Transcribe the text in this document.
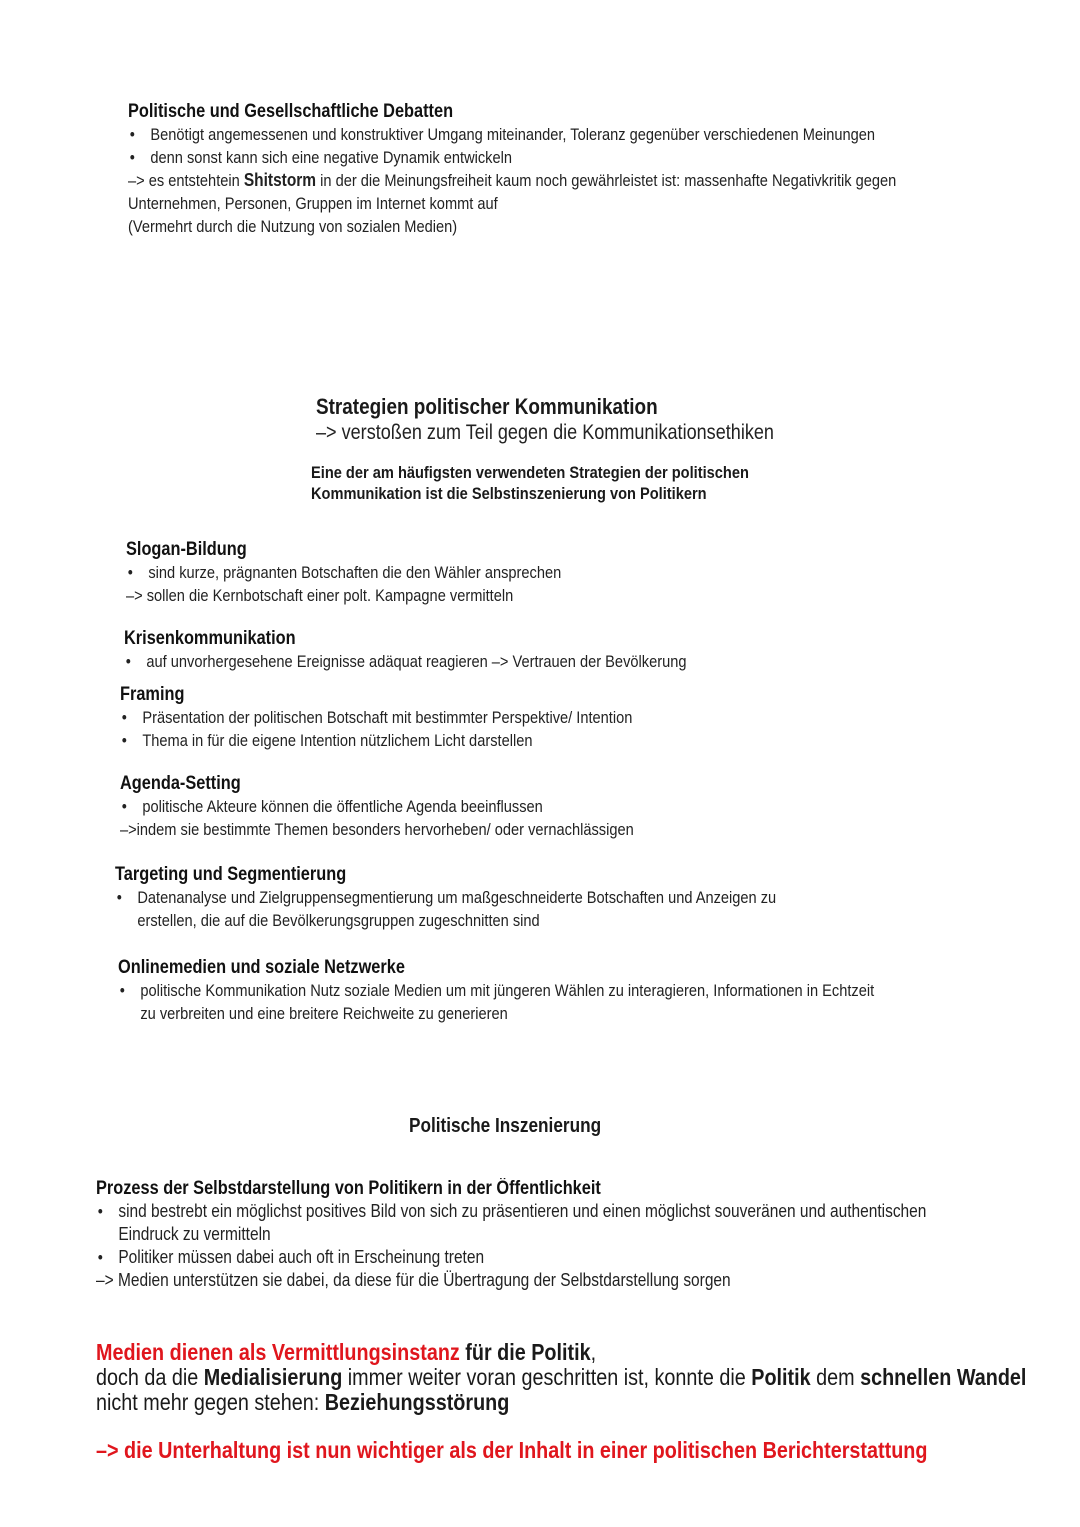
Politische und Gesellschaftliche Debatten
• Benötigt angemessenen und konstruktiver Umgang miteinander, Toleranz gegenüber verschiedenen Meinungen
• denn sonst kann sich eine negative Dynamik entwickeln
–> es entstehtein Shitstorm in der die Meinungsfreiheit kaum noch gewährleistet ist: massenhafte Negativkritik gegen
Unternehmen, Personen, Gruppen im Internet kommt auf
(Vermehrt durch die Nutzung von sozialen Medien)
Strategien politischer Kommunikation
–> verstoßen zum Teil gegen die Kommunikationsethiken
Eine der am häufigsten verwendeten Strategien der politischen
Kommunikation ist die Selbstinszenierung von Politikern
Slogan-Bildung
• sind kurze, prägnanten Botschaften die den Wähler ansprechen
–> sollen die Kernbotschaft einer polt. Kampagne vermitteln
Krisenkommunikation
• auf unvorhergesehene Ereignisse adäquat reagieren –> Vertrauen der Bevölkerung
Framing
• Präsentation der politischen Botschaft mit bestimmter Perspektive/ Intention
• Thema in für die eigene Intention nützlichem Licht darstellen
Agenda-Setting
• politische Akteure können die öffentliche Agenda beeinflussen
–>indem sie bestimmte Themen besonders hervorheben/ oder vernachlässigen
Targeting und Segmentierung
• Datenanalyse und Zielgruppensegmentierung um maßgeschneiderte Botschaften und Anzeigen zu
erstellen, die auf die Bevölkerungsgruppen zugeschnitten sind
Onlinemedien und soziale Netzwerke
• politische Kommunikation Nutz soziale Medien um mit jüngeren Wählen zu interagieren, Informationen in Echtzeit
zu verbreiten und eine breitere Reichweite zu generieren
Politische Inszenierung
Prozess der Selbstdarstellung von Politikern in der Öffentlichkeit
• sind bestrebt ein möglichst positives Bild von sich zu präsentieren und einen möglichst souveränen und authentischen
Eindruck zu vermitteln
• Politiker müssen dabei auch oft in Erscheinung treten
–> Medien unterstützen sie dabei, da diese für die Übertragung der Selbstdarstellung sorgen
Medien dienen als Vermittlungsinstanz für die Politik,
doch da die Medialisierung immer weiter voran geschritten ist, konnte die Politik dem schnellen Wandel
nicht mehr gegen stehen: Beziehungsstörung
–> die Unterhaltung ist nun wichtiger als der Inhalt in einer politischen Berichterstattung
